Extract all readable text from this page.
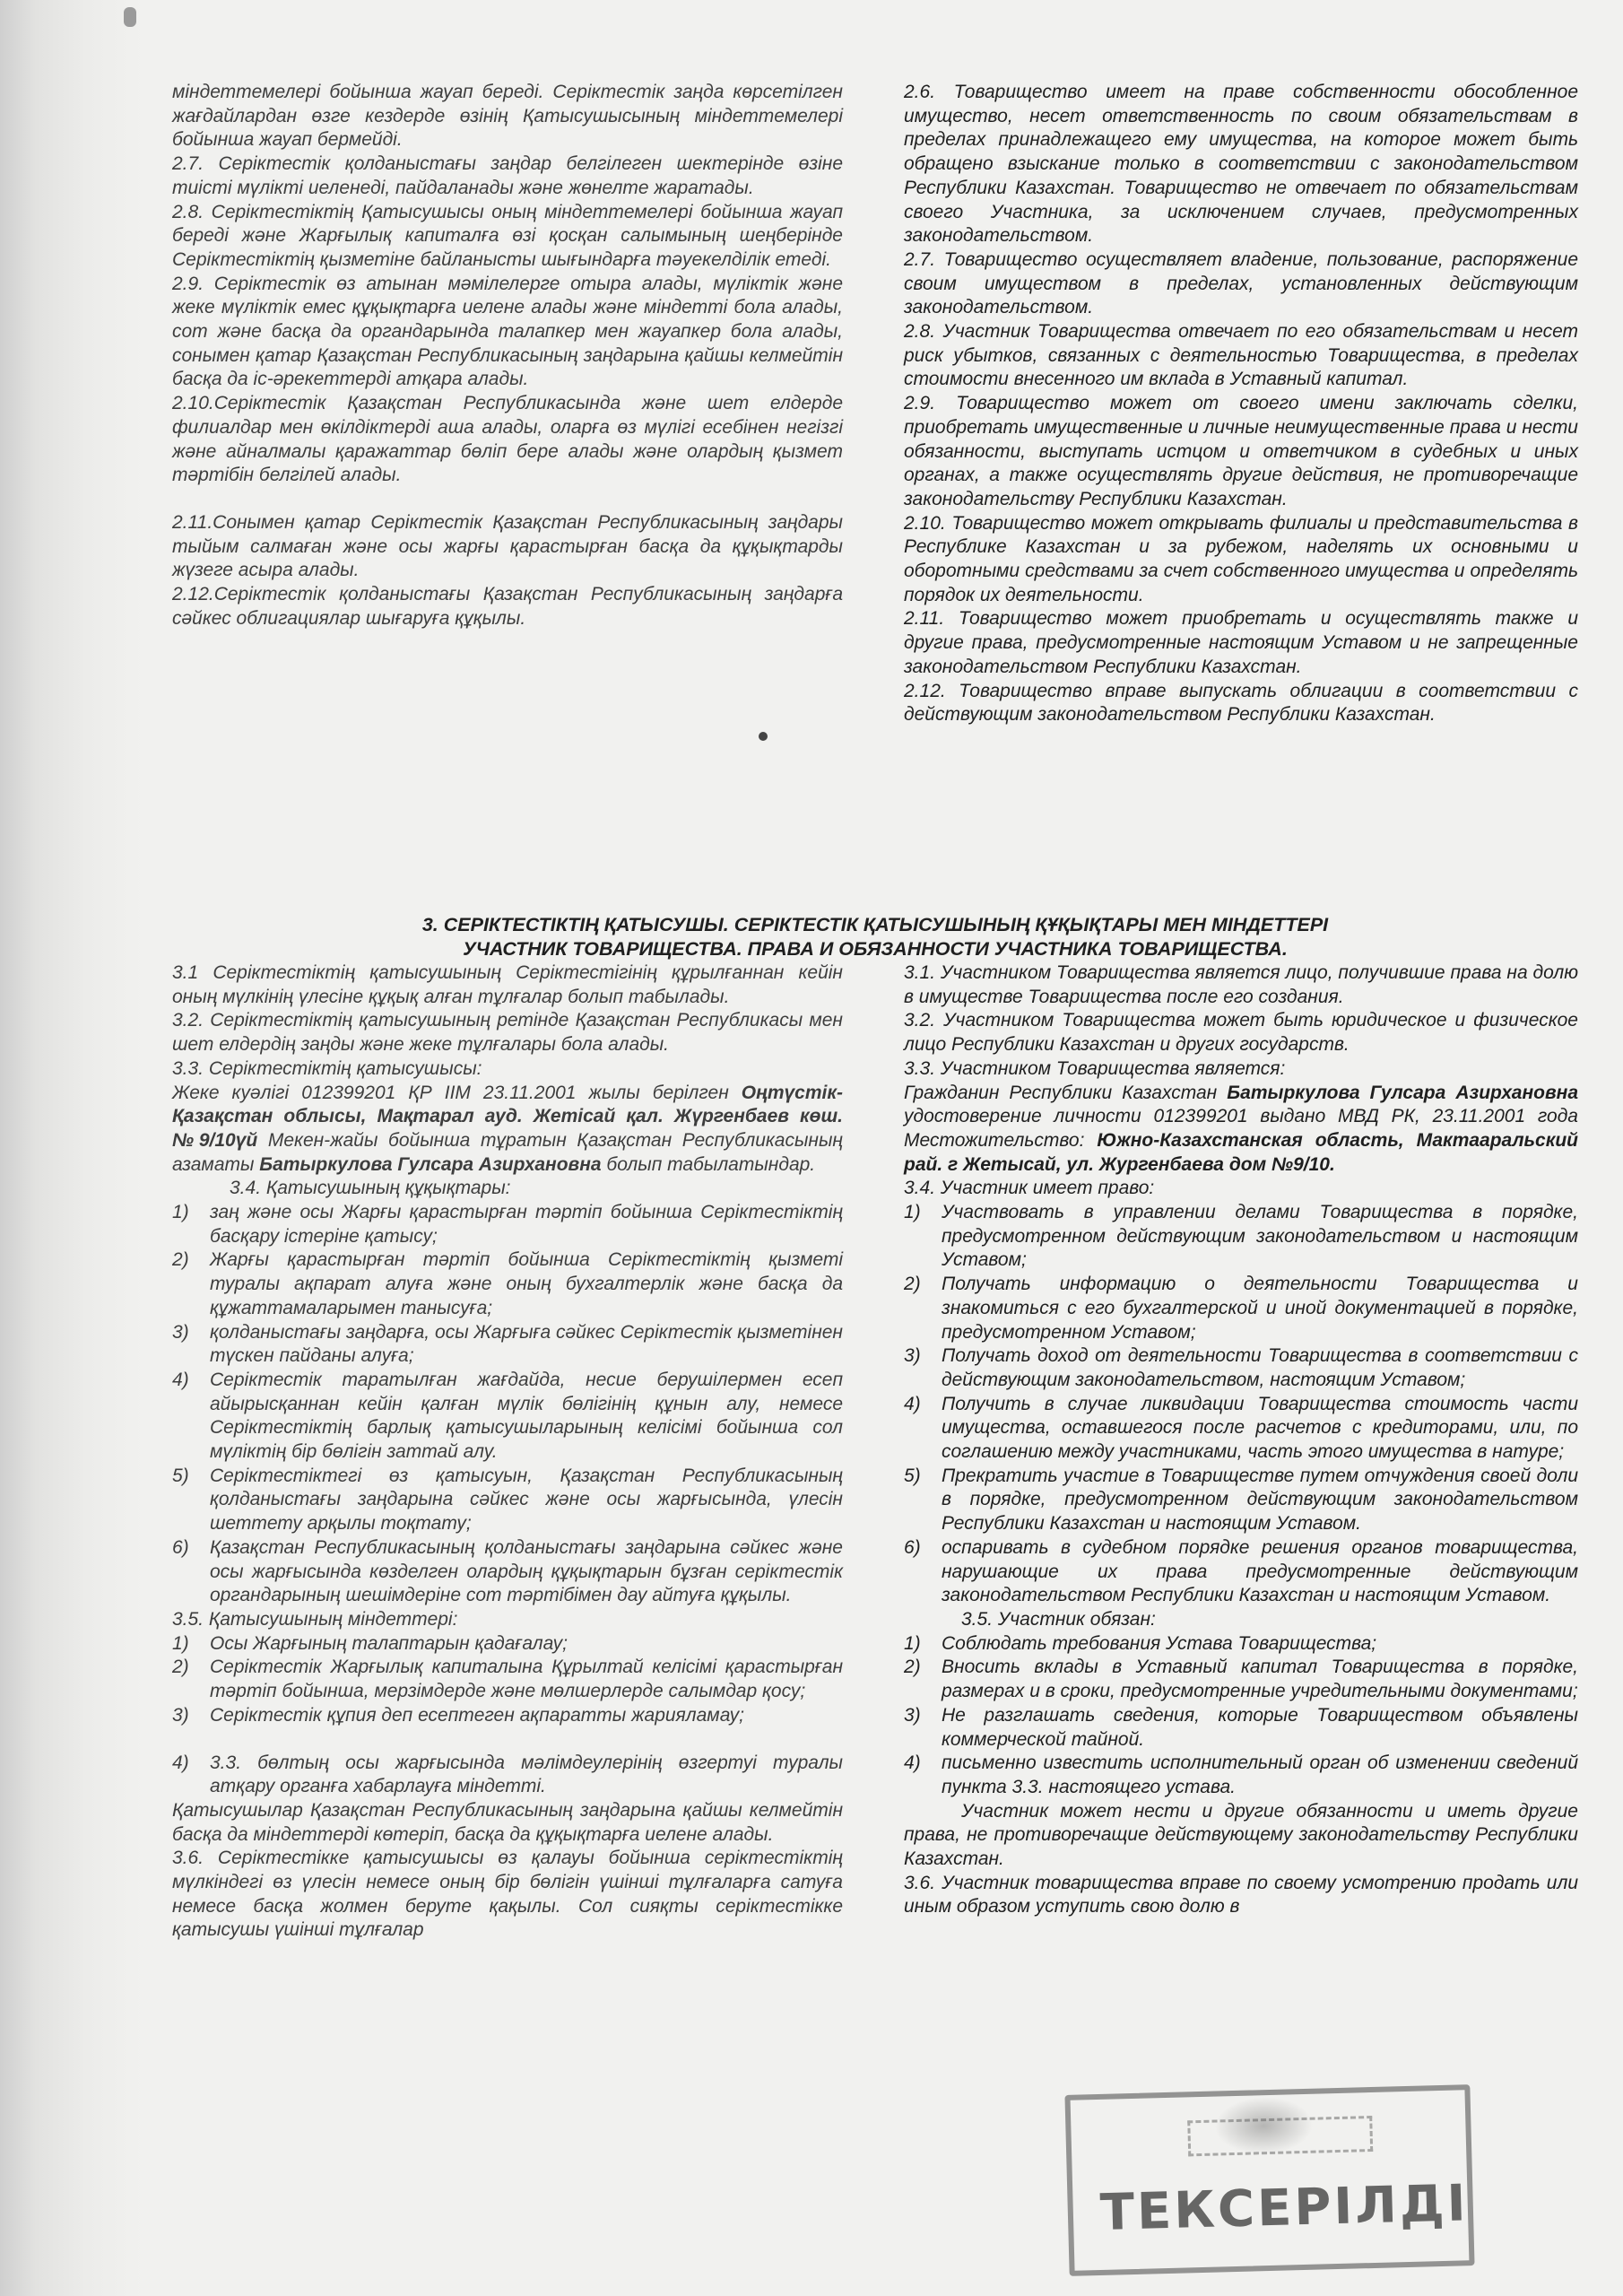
міндеттемелері бойынша жауап береді. Серіктестік заңда көрсетілген жағдайлардан өзге кездерде өзінің Қатысушысының міндеттемелері бойынша жауап бермейді.

2.7. Серіктестік қолданыстағы заңдар белгілеген шектерінде өзіне тиісті мүлікті иеленеді, пайдаланады және жөнелте жаратады.

2.8. Серіктестіктің Қатысушысы оның міндеттемелері бойынша жауап береді және Жарғылық капиталға өзі қосқан салымының шеңберінде Серіктестіктің қызметіне байланысты шығындарға тәуекелділік етеді.

2.9. Серіктестік өз атынан мәмілелерге отыра алады, мүліктік және жеке мүліктік емес құқықтарға иеленe алады және міндетті бола алады, сот және басқа да органдарында талапкер мен жауапкер бола алады, сонымен қатар Қазақстан Республикасының заңдарына қайшы келмейтін басқа да іс-әрекеттерді атқара алады.

2.10.Серіктестік Қазақстан Республикасында және шет елдерде филиалдар мен өкілдіктерді аша алады, оларға өз мүлігі есебінен негізгі және айналмалы қаражаттар бөліп бере алады және олардың қызмет тәртібін белгілей алады.

2.11.Сонымен қатар Серіктестік Қазақстан Республикасының заңдары тыйым салмаған және осы жарғы қарастырған басқа да құқықтарды жүзеге асыра алады.

2.12.Серіктестік қолданыстағы Қазақстан Республикасының заңдарға сәйкес облигациялар шығаруға құқылы.

2.6. Товарищество имеет на праве собственности обособленное имущество, несет ответственность по своим обязательствам в пределах принадлежащего ему имущества, на которое может быть обращено взыскание только в соответствии с законодательством Республики Казахстан. Товарищество не отвечает по обязательствам своего Участника, за исключением случаев, предусмотренных законодательством.

2.7. Товарищество осуществляет владение, пользование, распоряжение своим имуществом в пределах, установленных действующим законодательством.

2.8. Участник Товарищества отвечает по его обязательствам и несет риск убытков, связанных с деятельностью Товарищества, в пределах стоимости внесенного им вклада в Уставный капитал.

2.9. Товарищество может от своего имени заключать сделки, приобретать имущественные и личные неимущественные права и нести обязанности, выступать истцом и ответчиком в судебных и иных органах, а также осуществлять другие действия, не противоречащие законодательству Республики Казахстан.

2.10. Товарищество может открывать филиалы и представительства в Республике Казахстан и за рубежом, наделять их основными и оборотными средствами за счет собственного имущества и определять порядок их деятельности.

2.11. Товарищество может приобретать и осуществлять также и другие права, предусмотренные настоящим Уставом и не запрещенные законодательством Республики Казахстан.

2.12. Товарищество вправе выпускать облигации в соответствии с действующим законодательством Республики Казахстан.

3. СЕРІКТЕСТІКТІҢ ҚАТЫСУШЫ. СЕРІКТЕСТІК ҚАТЫСУШЫНЫҢ ҚҰҚЫҚТАРЫ МЕН МІНДЕТТЕРІ
УЧАСТНИК ТОВАРИЩЕСТВА. ПРАВА И ОБЯЗАННОСТИ УЧАСТНИКА ТОВАРИЩЕСТВА.

3.1 Серіктестіктің қатысушының Серіктестігінің құрылғаннан кейін оның мүлкінің үлесіне құқық алған тұлғалар болып табылады.

3.2. Серіктестіктің қатысушының ретінде Қазақстан Республикасы мен шет елдердің заңды және жеке тұлғалары бола алады.

3.3. Серіктестіктің қатысушысы:

Жеке куәлігі 012399201 ҚР ІІМ 23.11.2001 жылы берілген Оңтүстік-Қазақстан облысы, Мақтарал ауд. Жетісай қал. Жүргенбаев көш. №9/10үй Мекен-жайы бойынша тұратын Қазақстан Республикасының азаматы Батыркулова Гулсара Азирхановна болып табылатындар.

3.4. Қатысушының құқықтары:

1)	заң және осы Жарғы қарастырған тәртіп бойынша Серіктестіктің басқару істеріне қатысу;
2)	Жарғы қарастырған тәртіп бойынша Серіктестіктің қызметі туралы ақпарат алуға және оның бухгалтерлік және басқа да құжаттамаларымен танысуға;
3)	қолданыстағы заңдарға, осы Жарғыға сәйкес Серіктестік қызметінен түскен пайданы алуға;
4)	Серіктестік таратылған жағдайда, несие берушілермен есеп айырысқаннан кейін қалған мүлік бөлігінің құнын алу, немесе Серіктестіктің барлық қатысушыларының келісімі бойынша сол мүліктің бір бөлігін заттай алу.
5)	Серіктестіктегі өз қатысуын, Қазақстан Республикасының қолданыстағы заңдарына сәйкес және осы жарғысында, үлесін шеттету арқылы тоқтату;
6)	Қазақстан Республикасының қолданыстағы заңдарына сәйкес және осы жарғысында көзделген олардың құқықтарын бұзған серіктестік органдарының шешімдеріне сот тәртібімен дау айтуға құқылы.

3.5. Қатысушының міндеттері:

1)	Осы Жарғының талаптарын қадағалау;
2)	Серіктестік Жарғылық капиталына Құрылтай келісімі қарастырған тәртіп бойынша, мерзімдерде және мөлшерлерде салымдар қосу;
3)	Серіктестік құпия деп есептеген ақпаратты жарияламау;
4)	3.3. бөлтың осы жарғысында мәлімдеулерінің өзгертуі туралы атқару органға хабарлауға міндетті.

Қатысушылар Қазақстан Республикасының заңдарына қайшы келмейтін басқа да міндеттерді көтеріп, басқа да құқықтарға иелене алады.

3.6. Серіктестікке қатысушысы өз қалауы бойынша серіктестіктің мүлкіндегі өз үлесін немесе оның бір бөлігін үшінші тұлғаларға сатуға немесе басқа жолмен беруте қақылы. Сол сияқты серіктестікке қатысушы үшінші тұлғалар

3.1. Участником Товарищества является лицо, получившие права на долю в имуществе Товарищества после его создания.

3.2. Участником Товарищества может быть юридическое и физическое лицо Республики Казахстан и других государств.

3.3. Участником Товарищества является:

Гражданин Республики Казахстан Батыркулова Гулсара Азирхановна удостоверение личности 012399201 выдано МВД РК, 23.11.2001 года Местожительство: Южно-Казахстанская область, Мактааральский рай. г Жетысай, ул. Жургенбаева дом №9/10.

3.4. Участник имеет право:

1)	Участвовать в управлении делами Товарищества в порядке, предусмотренном действующим законодательством и настоящим Уставом;
2)	Получать информацию о деятельности Товарищества и знакомиться с его бухгалтерской и иной документацией в порядке, предусмотренном Уставом;
3)	Получать доход от деятельности Товарищества в соответствии с действующим законодательством, настоящим Уставом;
4)	Получить в случае ликвидации Товарищества стоимость части имущества, оставшегося после расчетов с кредиторами, или, по соглашению между участниками, часть этого имущества в натуре;
5)	Прекратить участие в Товариществе путем отчуждения своей доли в порядке, предусмотренном действующим законодательством Республики Казахстан и настоящим Уставом.
6)	оспаривать в судебном порядке решения органов товарищества, нарушающие их права предусмотренные действующим законодательством Республики Казахстан и настоящим Уставом.

3.5. Участник обязан:

1)	Соблюдать требования Устава Товарищества;
2)	Вносить вклады в Уставный капитал Товарищества в порядке, размерах и в сроки, предусмотренные учредительными документами;
3)	Не разглашать сведения, которые Товариществом объявлены коммерческой тайной.
4)	письменно известить исполнительный орган об изменении сведений пункта 3.3. настоящего устава.

Участник может нести и другие обязанности и иметь другие права, не противоречащие действующему законодательству Республики Казахстан.

3.6. Участник товарищества вправе по своему усмотрению продать или иным образом уступить свою долю в

ТЕКСЕРІЛДІ
